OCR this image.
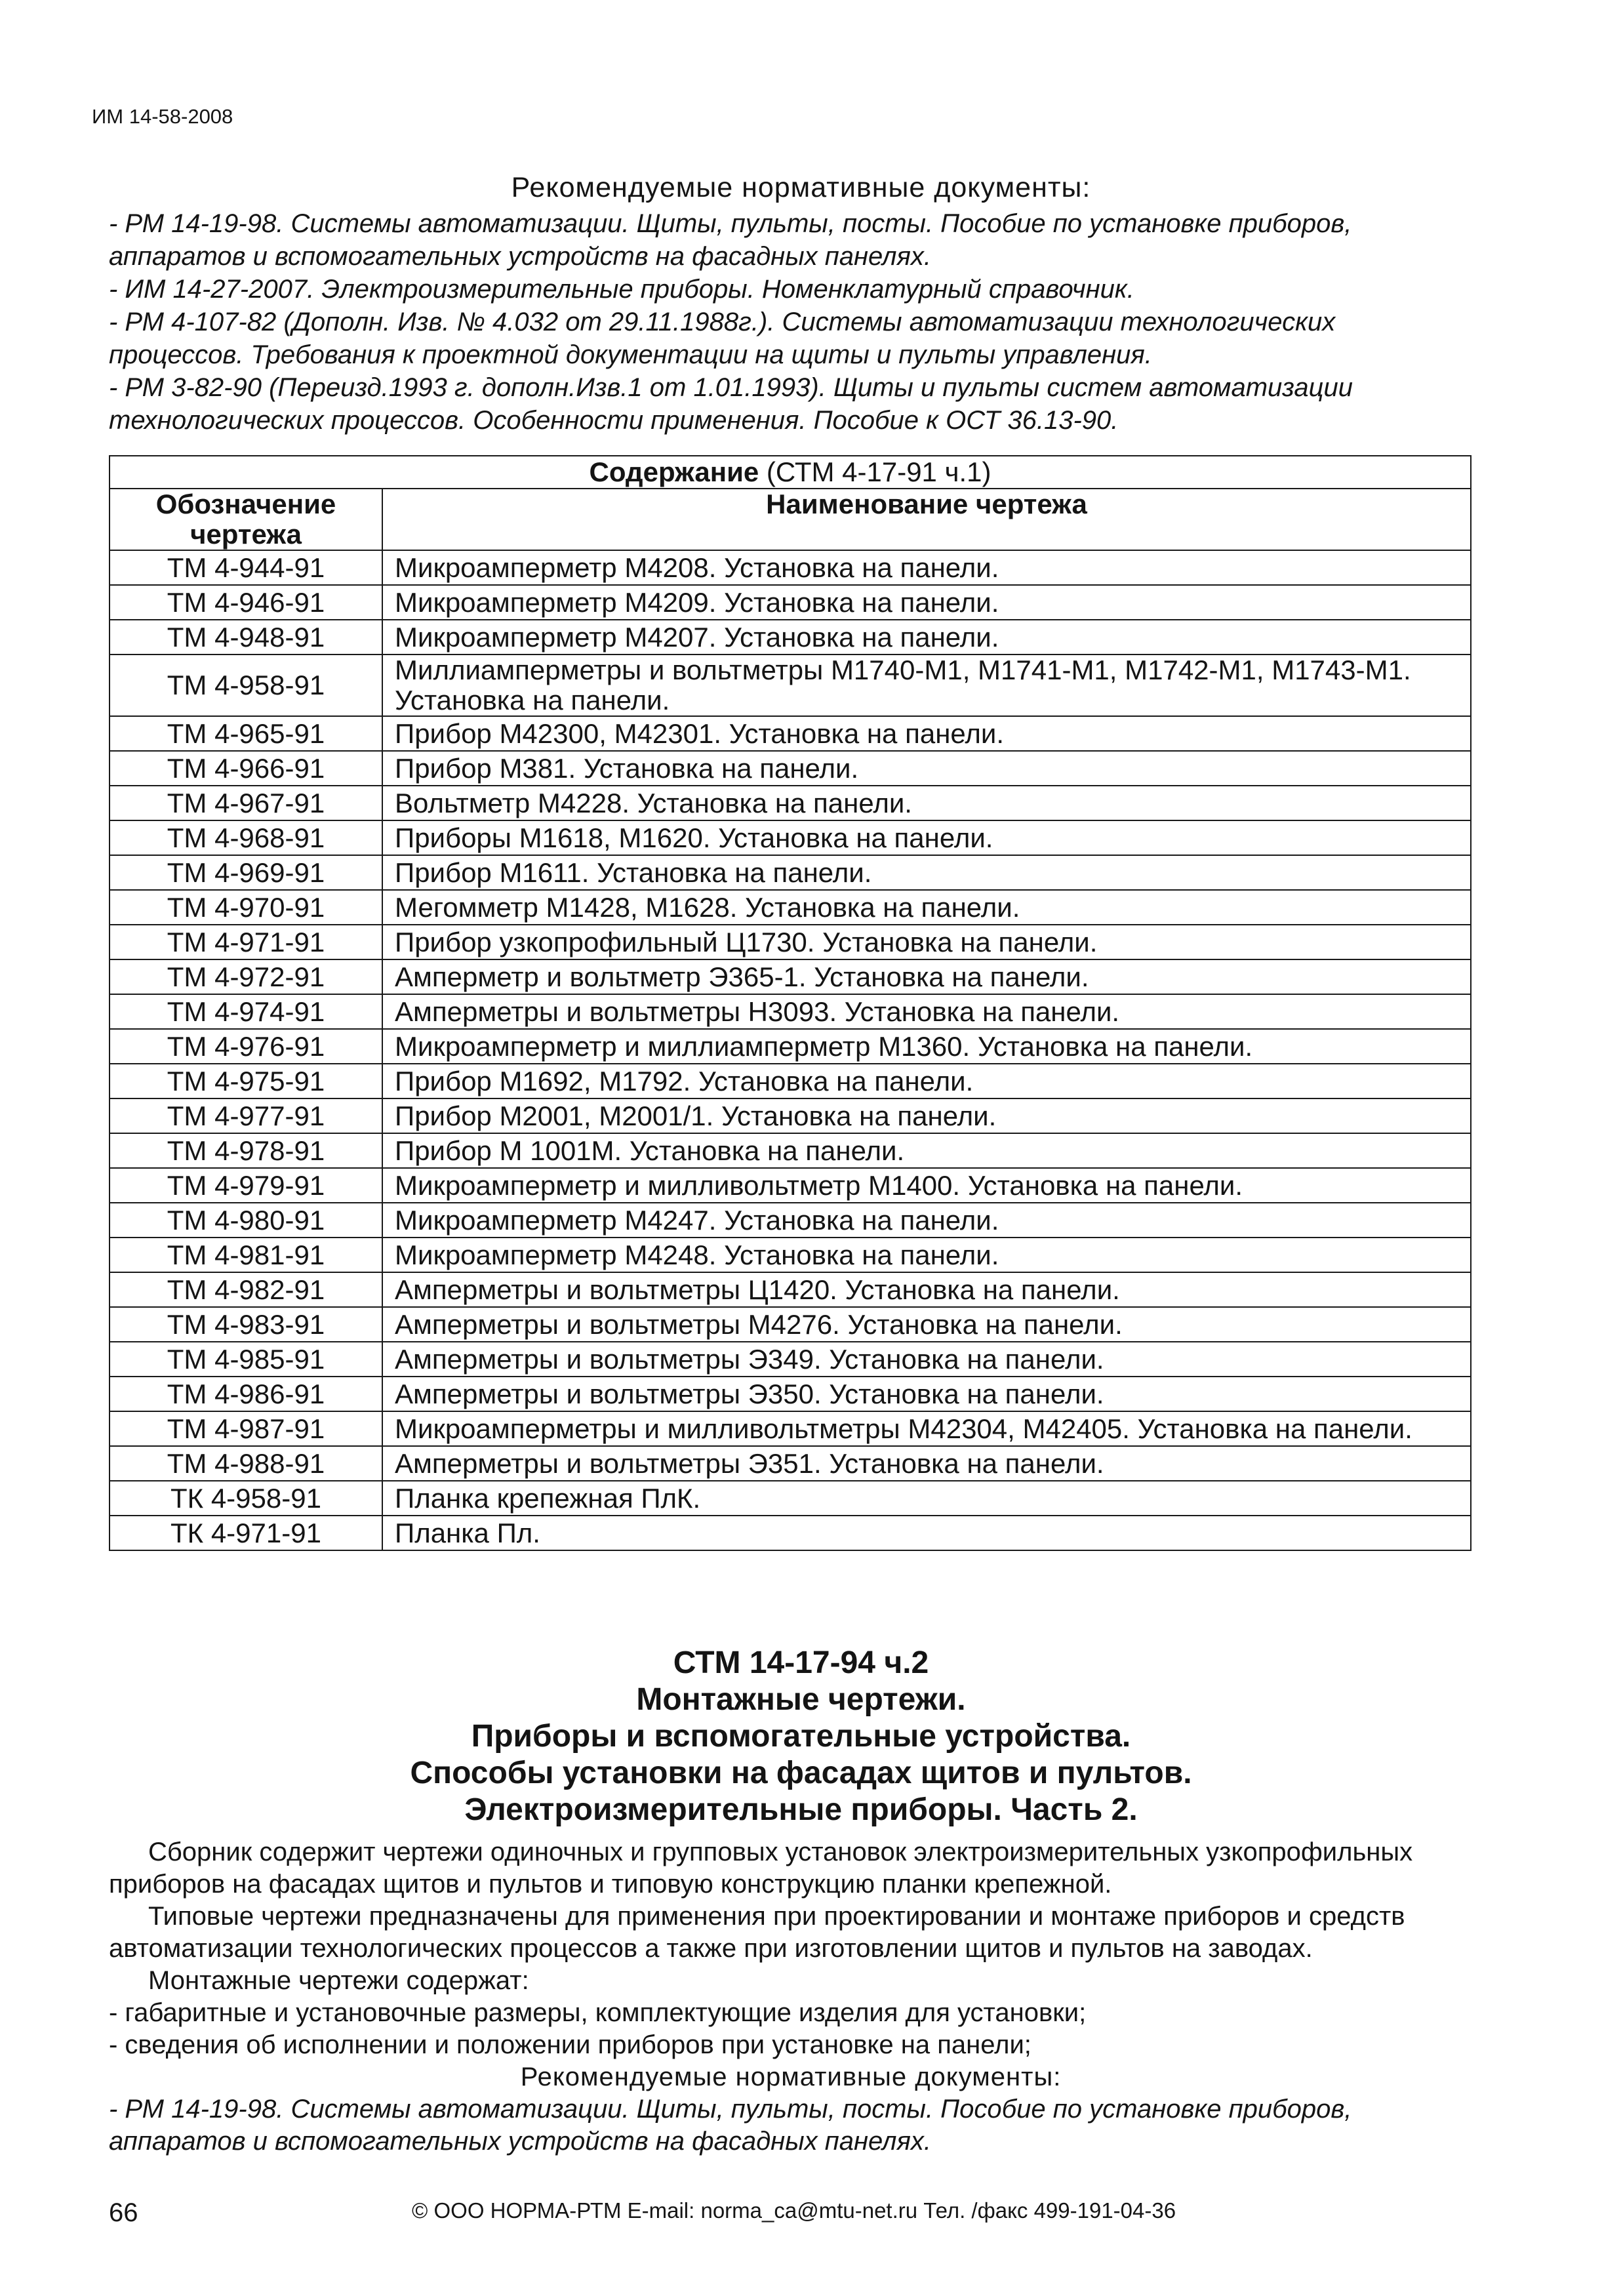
ИМ 14-58-2008
Рекомендуемые нормативные документы:

- РМ 14-19-98. Системы автоматизации. Щиты, пульты, посты. Пособие по установке приборов, аппаратов и вспомогательных устройств на фасадных панелях.

- ИМ 14-27-2007. Электроизмерительные приборы. Номенклатурный справочник.

- РМ 4-107-82 (Дополн. Изв. № 4.032 от 29.11.1988г.). Системы автоматизации технологических процессов. Требования к проектной документации на щиты и пульты управления.

- РМ 3-82-90 (Переизд.1993 г. дополн.Изв.1 от 1.01.1993). Щиты и пульты систем автоматизации технологических процессов. Особенности применения. Пособие к ОСТ 36.13-90.

Содержание (СТМ 4-17-91 ч.1)	
Обозначение чертежа	Наименование чертежа
ТМ 4-944-91	Микроамперметр М4208. Установка на панели.
ТМ 4-946-91	Микроамперметр М4209. Установка на панели.
ТМ 4-948-91	Микроамперметр М4207. Установка на панели.
ТМ 4-958-91	Миллиамперметры и вольтметры М1740-М1, М1741-М1, М1742-М1, М1743-М1. Установка на панели.
ТМ 4-965-91	Прибор М42300, М42301. Установка на панели.
ТМ 4-966-91	Прибор М381. Установка на панели.
ТМ 4-967-91	Вольтметр М4228. Установка на панели.
ТМ 4-968-91	Приборы М1618, М1620. Установка на панели.
ТМ 4-969-91	Прибор М1611. Установка на панели.
ТМ 4-970-91	Мегомметр М1428, М1628. Установка на панели.
ТМ 4-971-91	Прибор узкопрофильный Ц1730. Установка на панели.
ТМ 4-972-91	Амперметр и вольтметр Э365-1. Установка на панели.
ТМ 4-974-91	Амперметры и вольтметры Н3093. Установка на панели.
ТМ 4-976-91	Микроамперметр и миллиамперметр М1360. Установка на панели.
ТМ 4-975-91	Прибор М1692, М1792. Установка на панели.
ТМ 4-977-91	Прибор М2001, М2001/1. Установка на панели.
ТМ 4-978-91	Прибор М 1001М. Установка на панели.
ТМ 4-979-91	Микроамперметр и милливольтметр М1400. Установка на панели.
ТМ 4-980-91	Микроамперметр М4247. Установка на панели.
ТМ 4-981-91	Микроамперметр М4248. Установка на панели.
ТМ 4-982-91	Амперметры и вольтметры Ц1420. Установка на панели.
ТМ 4-983-91	Амперметры и вольтметры М4276. Установка на панели.
ТМ 4-985-91	Амперметры и вольтметры Э349. Установка на панели.
ТМ 4-986-91	Амперметры и вольтметры Э350. Установка на панели.
ТМ 4-987-91	Микроамперметры и милливольтметры М42304, М42405. Установка на панели.
ТМ 4-988-91	Амперметры и вольтметры Э351. Установка на панели.
ТК 4-958-91	Планка крепежная ПлК.
ТК 4-971-91	Планка Пл.
СТМ 14-17-94 ч.2
Монтажные чертежи.
Приборы и вспомогательные устройства.
Способы установки на фасадах щитов и пультов.
Электроизмерительные приборы. Часть 2.

Сборник содержит чертежи одиночных и групповых установок электроизмерительных узкопрофильных приборов на фасадах щитов и пультов и типовую конструкцию планки крепежной.

Типовые чертежи предназначены для применения при проектировании и монтаже приборов и средств автоматизации технологических процессов а также при изготовлении щитов и пультов на заводах.

Монтажные чертежи содержат:

- габаритные и установочные размеры, комплектующие изделия для установки;

- сведения об исполнении и положении приборов при установке на панели;

Рекомендуемые нормативные документы:

- РМ 14-19-98. Системы автоматизации. Щиты, пульты, посты. Пособие по установке приборов, аппаратов и вспомогательных устройств на фасадных панелях.

66	© ООО НОРМА-РТМ E-mail: norma_ca@mtu-net.ru Тел. /факс 499-191-04-36
